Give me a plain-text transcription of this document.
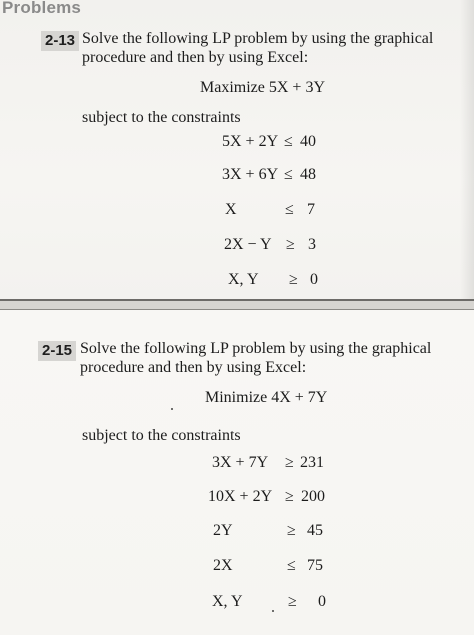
Problems
2-13 Solve the following LP problem by using the graphical
procedure and then by using Excel:
Maximize 5X + 3Y
subject to the constraints
5X + 2Y ≤ 40
3X + 6Y ≤ 48
X	≤ 7
2X − Y ≥ 3
X, Y ≥ 0
2-15 Solve the following LP problem by using the graphical
procedure and then by using Excel:
Minimize 4X + 7Y
subject to the constraints
3X + 7Y ≥ 231
10X + 2Y ≥ 200
2Y	≥ 45
2X	≤ 75
X, Y	≥ 0
